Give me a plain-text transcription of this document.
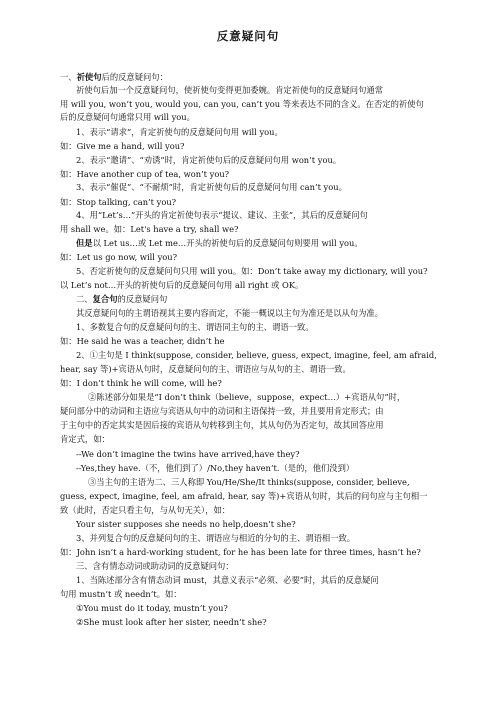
反意疑问句
一、祈使句后的反意疑问句：
祈使句后加一个反意疑问句，使祈使句变得更加委婉。肯定祈使句的反意疑问句通常
用 will you, won’t you, would you, can you, can’t you 等来表达不同的含义。在否定的祈使句
后的反意疑问句通常只用 will you。
1、表示“请求”，肯定祈使句的反意疑问句用 will you。
如：Give me a hand, will you?
2、表示“邀请”、“劝诱”时，肯定祈使句后的反意疑问句用 won’t you。
如：Have another cup of tea, won’t you?
3、表示“催促”、“不耐烦”时，肯定祈使句后的反意疑问句用 can’t you。
如：Stop talking, can’t you?
4、用“Let’s…”开头的肯定祈使句表示“提议、建议、主张”，其后的反意疑问句
用 shall we。如：Let's have a try, shall we?
但是以 Let us…或 Let me…开头的祈使句后的反意疑问句则要用 will you。
如：Let us go now, will you?
5、否定祈使句的反意疑问句只用 will you。如：Don’t take away my dictionary, will you?
以 Let’s not…开头的祈使句后的反意疑问句用 all right 或 OK。
二、复合句的反意疑问句
其反意疑问句的主谓语视其主要内容而定，不能一概说以主句为准还是以从句为准。
1、多数复合句的反意疑问句的主、谓语同主句的主、谓语一致。
如：He said he was a teacher, didn’t he
2、①主句是 I think(suppose, consider, believe, guess, expect, imagine, feel, am afraid,
hear, say 等)+宾语从句时，反意疑问句的主、谓语应与从句的主、谓语一致。
如：I don’t think he will come, will he?
②陈述部分如果是“I don’t think（believe，suppose，expect…）+宾语从句”时，
疑问部分中的动词和主语应与宾语从句中的动词和主语保持一致，并且要用肯定形式；由
于主句中的否定其实是因后接的宾语从句转移到主句，其从句仍为否定句，故其回答应用
肯定式，如：
--We don’t imagine the twins have arrived,have they?
--Yes,they have.（不，他们到了）/No,they haven’t.（是的，他们没到）
③当主句的主语为二、三人称即 You/He/She/It thinks(suppose, consider, believe,
guess, expect, imagine, feel, am afraid, hear, say 等)+宾语从句时，其后的问句应与主句相一
致（此时，否定只看主句，与从句无关），如：
Your sister supposes she needs no help,doesn’t she?
3、并列复合句的反意疑问句的主、谓语应与相近的分句的主、谓语相一致。
如：John isn’t a hard-working student, for he has been late for three times, hasn’t he?
三、含有情态动词或助动词的反意疑问句：
1、当陈述部分含有情态动词 must，其意义表示“必须、必要”时，其后的反意疑问
句用 mustn’t 或 needn’t。如：
①You must do it today, mustn’t you?
②She must look after her sister, needn’t she?
